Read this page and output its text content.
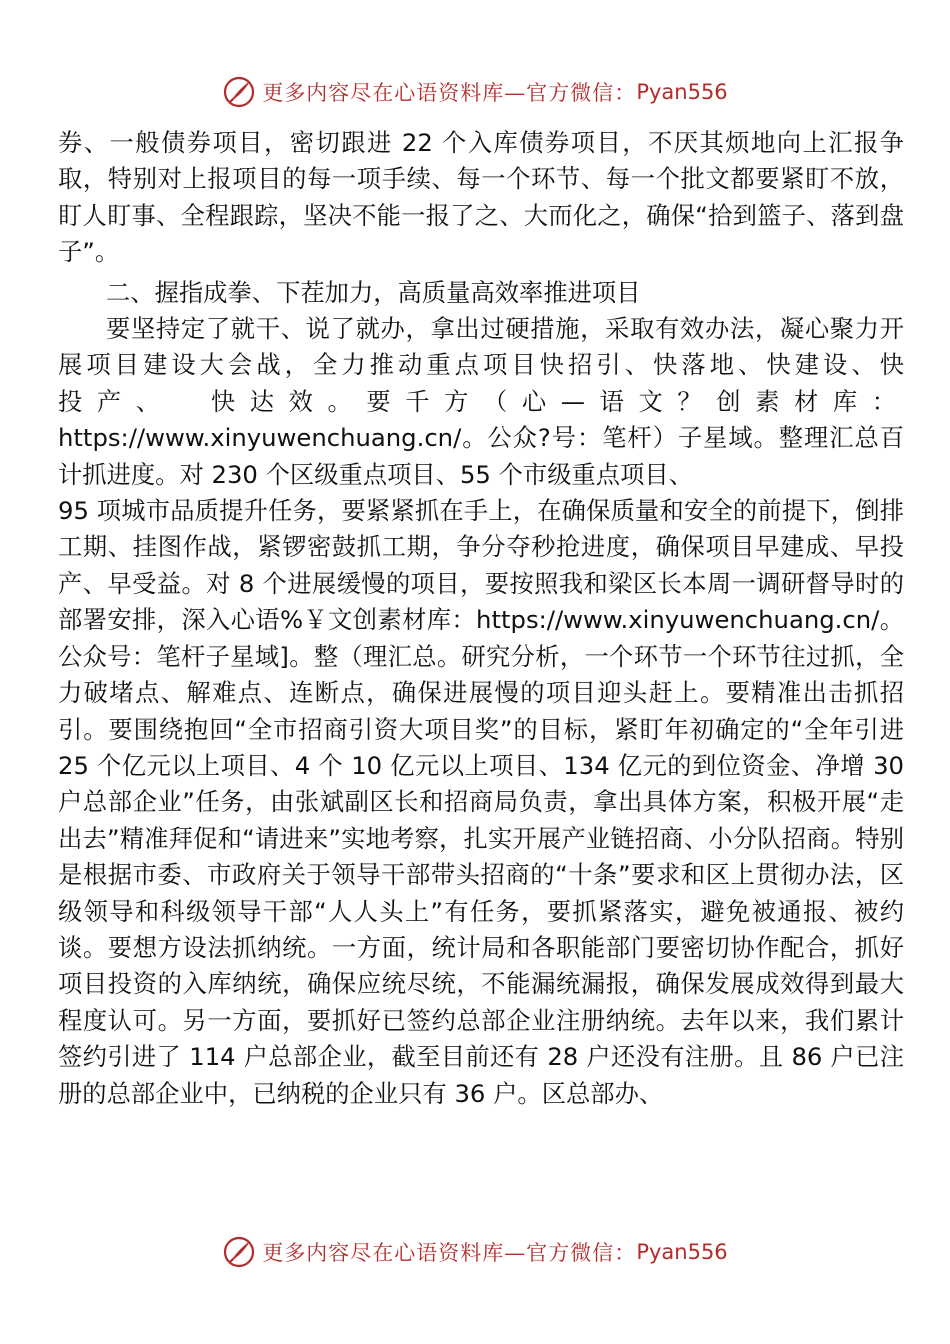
更多内容尽在心语资料库—官方微信： Pyan556

券、一般债券项目，密切跟进 22 个入库债券项目，不厌其烦地向上汇报争取，特别对上报项目的每一项手续、每一个环节、每一个批文都要紧盯不放，盯人盯事、全程跟踪，坚决不能一报了之、大而化之，确保“拾到篮子、落到盘子”。

二、握指成拳、下茬加力，高质量高效率推进项目

要坚持定了就干、说了就办，拿出过硬措施，采取有效办法，凝心聚力开展项目建设大会战，全力推动重点项目快招引、快落地、快建设、快

投产、 快达效。要千方（心—语文？创素材库：

https://www.xinyuwenchuang.cn/。公众?号：笔杆）子星域。整理汇总百计抓进度。对 230 个区级重点项目、55 个市级重点项目、

95 项城市品质提升任务，要紧紧抓在手上，在确保质量和安全的前提下，倒排工期、挂图作战，紧锣密鼓抓工期，争分夺秒抢进度，确保项目早建成、早投产、早受益。对 8 个进展缓慢的项目，要按照我和梁区长本周一调研督导时的部署安排，深入心语%￥文创素材库：https://www.xinyuwenchuang.cn/。公众号：笔杆子星域]。整（理汇总。研究分析，一个环节一个环节往过抓，全力破堵点、解难点、连断点，确保进展慢的项目迎头赶上。要精准出击抓招引。要围绕抱回“全市招商引资大项目奖”的目标，紧盯年初确定的“全年引进 25 个亿元以上项目、4 个 10 亿元以上项目、134 亿元的到位资金、净增 30 户总部企业”任务，由张斌副区长和招商局负责，拿出具体方案，积极开展“走出去”精准拜促和“请进来”实地考察，扎实开展产业链招商、小分队招商。特别是根据市委、市政府关于领导干部带头招商的“十条”要求和区上贯彻办法，区级领导和科级领导干部“人人头上”有任务，要抓紧落实，避免被通报、被约谈。要想方设法抓纳统。一方面，统计局和各职能部门要密切协作配合，抓好项目投资的入库纳统，确保应统尽统，不能漏统漏报，确保发展成效得到最大程度认可。另一方面，要抓好已签约总部企业注册纳统。去年以来，我们累计签约引进了 114 户总部企业，截至目前还有 28 户还没有注册。且 86 户已注册的总部企业中，已纳税的企业只有 36 户。区总部办、

更多内容尽在心语资料库—官方微信： Pyan556
